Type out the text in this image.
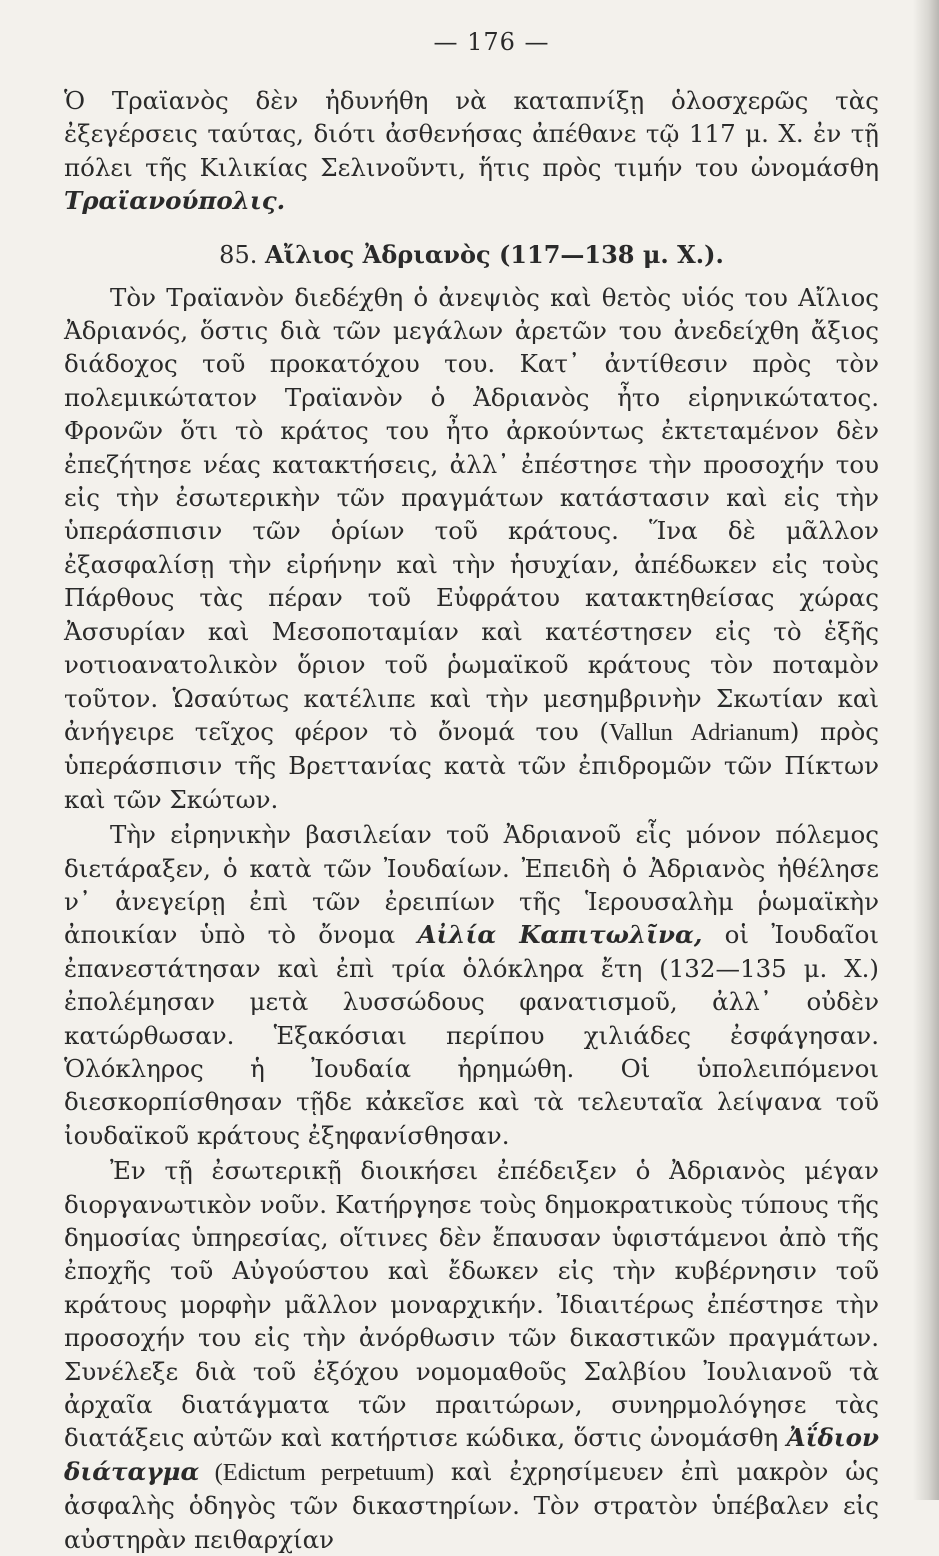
— 176 —

Ὁ Τραϊανὸς δὲν ἠδυνήθη νὰ καταπνίξῃ ὁλοσχερῶς τὰς ἐξεγέρσεις ταύτας, διότι ἀσθενήσας ἀπέθανε τῷ 117 μ. Χ. ἐν τῇ πόλει τῆς Κιλικίας Σελινοῦντι, ἥτις πρὸς τιμήν του ὠνομάσθη Τραϊανούπολις.

85. Αἴλιος Ἀδριανὸς (117—138 μ. Χ.).

Τὸν Τραϊανὸν διεδέχθη ὁ ἀνεψιὸς καὶ θετὸς υἱός του Αἴλιος Ἀδριανός, ὅστις διὰ τῶν μεγάλων ἀρετῶν του ἀνεδείχθη ἄξιος διάδοχος τοῦ προκατόχου του. Κατ᾽ ἀντίθεσιν πρὸς τὸν πολεμικώτατον Τραϊανὸν ὁ Ἀδριανὸς ἦτο εἰρηνικώτατος. Φρονῶν ὅτι τὸ κράτος του ἦτο ἀρκούντως ἐκτεταμένον δὲν ἐπεζήτησε νέας κατακτήσεις, ἀλλ᾽ ἐπέστησε τὴν προσοχήν του εἰς τὴν ἐσωτερικὴν τῶν πραγμάτων κατάστασιν καὶ εἰς τὴν ὑπεράσπισιν τῶν ὁρίων τοῦ κράτους. Ἵνα δὲ μᾶλλον ἐξασφαλίσῃ τὴν εἰρήνην καὶ τὴν ἡσυχίαν, ἀπέδωκεν εἰς τοὺς Πάρθους τὰς πέραν τοῦ Εὐφράτου κατακτηθείσας χώρας Ἀσσυρίαν καὶ Μεσοποταμίαν καὶ κατέστησεν εἰς τὸ ἑξῆς νοτιοανατολικὸν ὅριον τοῦ ῥωμαϊκοῦ κράτους τὸν ποταμὸν τοῦτον. Ὡσαύτως κατέλιπε καὶ τὴν μεσημβρινὴν Σκωτίαν καὶ ἀνήγειρε τεῖχος φέρον τὸ ὄνομά του (Vallun Adrianum) πρὸς ὑπεράσπισιν τῆς Βρεττανίας κατὰ τῶν ἐπιδρομῶν τῶν Πίκτων καὶ τῶν Σκώτων.

Τὴν εἰρηνικὴν βασιλείαν τοῦ Ἀδριανοῦ εἷς μόνον πόλεμος διετάραξεν, ὁ κατὰ τῶν Ἰουδαίων. Ἐπειδὴ ὁ Ἀδριανὸς ἠθέλησε ν᾽ ἀνεγείρῃ ἐπὶ τῶν ἐρειπίων τῆς Ἱερουσαλὴμ ῥωμαϊκὴν ἀποικίαν ὑπὸ τὸ ὄνομα Αἰλία Καπιτωλῖνα, οἱ Ἰουδαῖοι ἐπανεστάτησαν καὶ ἐπὶ τρία ὁλόκληρα ἔτη (132—135 μ. Χ.) ἐπολέμησαν μετὰ λυσσώδους φανατισμοῦ, ἀλλ᾽ οὐδὲν κατώρθωσαν. Ἑξακόσιαι περίπου χιλιάδες ἐσφάγησαν. Ὁλόκληρος ἡ Ἰουδαία ἠρημώθη. Οἱ ὑπολειπόμενοι διεσκορπίσθησαν τῇδε κἀκεῖσε καὶ τὰ τελευταῖα λείψανα τοῦ ἰουδαϊκοῦ κράτους ἐξηφανίσθησαν.

Ἐν τῇ ἐσωτερικῇ διοικήσει ἐπέδειξεν ὁ Ἀδριανὸς μέγαν διοργανωτικὸν νοῦν. Κατήργησε τοὺς δημοκρατικοὺς τύπους τῆς δημοσίας ὑπηρεσίας, οἵτινες δὲν ἔπαυσαν ὑφιστάμενοι ἀπὸ τῆς ἐποχῆς τοῦ Αὐγούστου καὶ ἔδωκεν εἰς τὴν κυβέρνησιν τοῦ κράτους μορφὴν μᾶλλον μοναρχικήν. Ἰδιαιτέρως ἐπέστησε τὴν προσοχήν του εἰς τὴν ἀνόρθωσιν τῶν δικαστικῶν πραγμάτων. Συνέλεξε διὰ τοῦ ἐξόχου νομομαθοῦς Σαλβίου Ἰουλιανοῦ τὰ ἀρχαῖα διατάγματα τῶν πραιτώρων, συνηρμολόγησε τὰς διατάξεις αὐτῶν καὶ κατήρτισε κώδικα, ὅστις ὠνομάσθη Ἀΐδιον διάταγμα (Edictum perpetuum) καὶ ἐχρησίμευεν ἐπὶ μακρὸν ὡς ἀσφαλὴς ὁδηγὸς τῶν δικαστηρίων. Τὸν στρατὸν ὑπέβαλεν εἰς αὐστηρὰν πειθαρχίαν
